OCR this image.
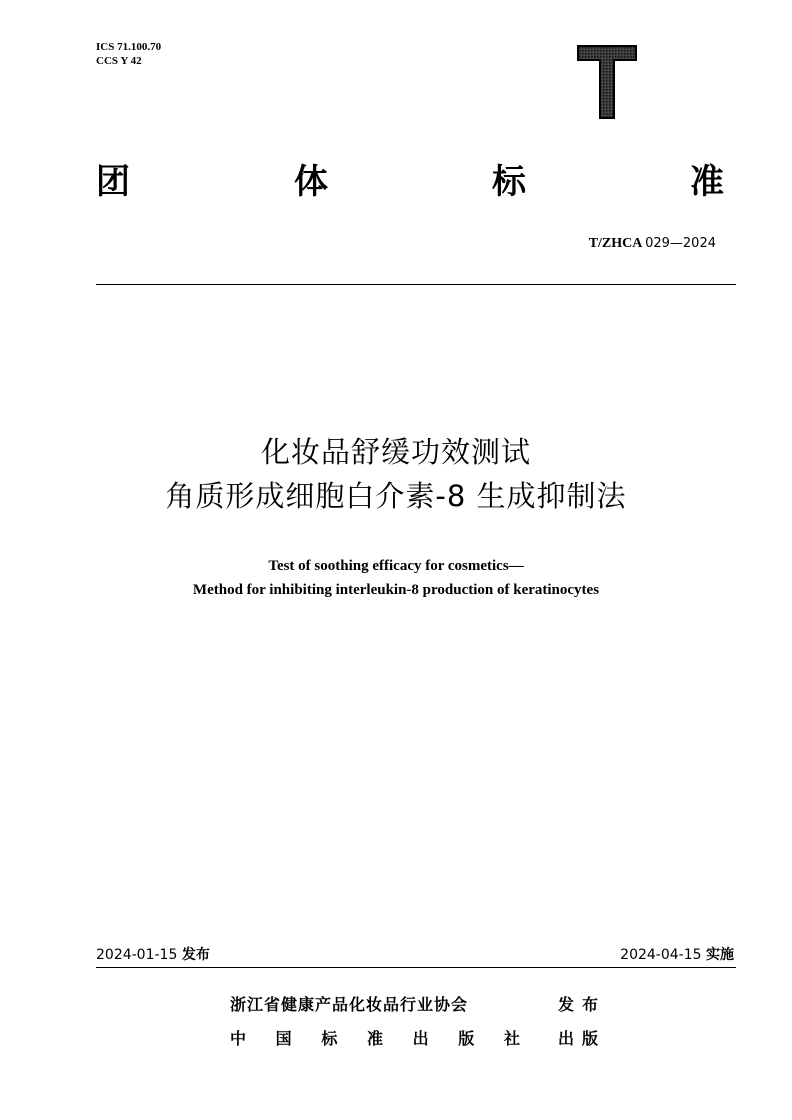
ICS 71.100.70
CCS Y 42
团	体	标	准
T/ZHCA 029—2024
化妆品舒缓功效测试
角质形成细胞白介素-8 生成抑制法
Test of soothing efficacy for cosmetics—
Method for inhibiting interleukin-8 production of keratinocytes
2024-01-15 发布	2024-04-15 实施
浙江省健康产品化妆品行业协会	发布
中 国 标 准 出 版 社 出版
